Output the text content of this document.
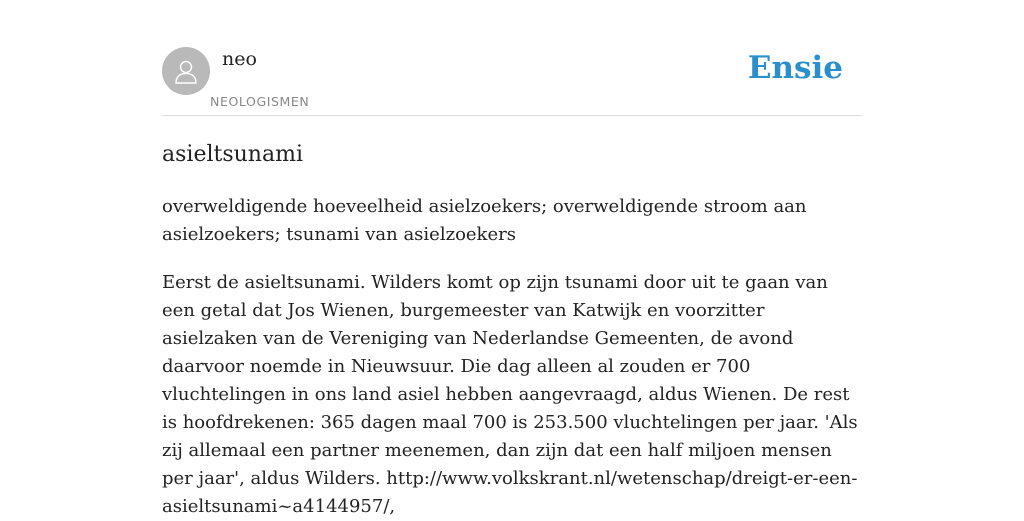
neo
NEOLOGISMEN
Ensie
asieltsunami

overweldigende hoeveelheid asielzoekers; overweldigende stroom aan asielzoekers; tsunami van asielzoekers

Eerst de asieltsunami. Wilders komt op zijn tsunami door uit te gaan van een getal dat Jos Wienen, burgemeester van Katwijk en voorzitter asielzaken van de Vereniging van Nederlandse Gemeenten, de avond daarvoor noemde in Nieuwsuur. Die dag alleen al zouden er 700 vluchtelingen in ons land asiel hebben aangevraagd, aldus Wienen. De rest is hoofdrekenen: 365 dagen maal 700 is 253.500 vluchtelingen per jaar. 'Als zij allemaal een partner meenemen, dan zijn dat een half miljoen mensen per jaar', aldus Wilders. http://www.volkskrant.nl/wetenschap/dreigt-er-een-asieltsunami~a4144957/,
